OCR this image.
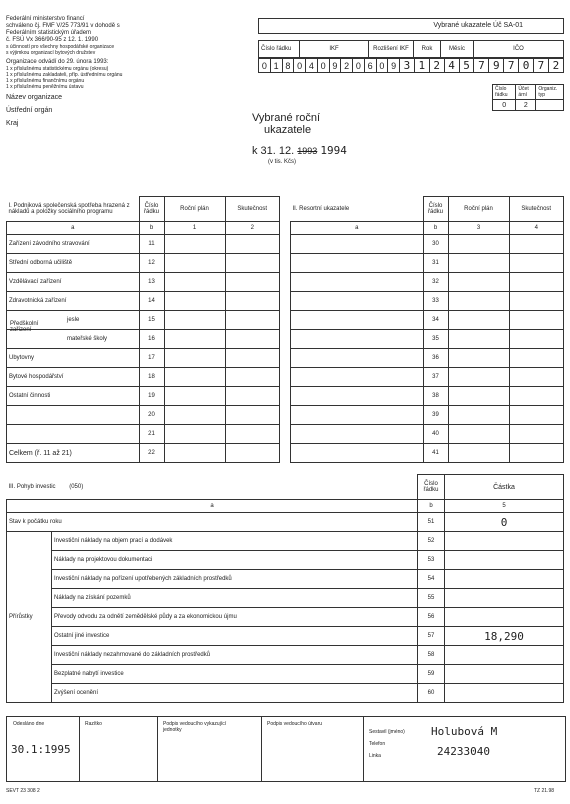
Federální ministerstvo financí
schváleno čj. FMF V/25 773/91 v dohodě s
Federálním statistickým úřadem
č. FSÚ Vx 366/90-95 z 12. 1. 1990
s účinností pro všechny hospodářské organizace
s výjimkou organizací bytových družstev
Organizace odvádí do 29. února 1993:
1 x příslušnému statistickému orgánu (okresu)
1 x příslušnému zakladateli, příp. ústřednímu orgánu
1 x příslušnému finančnímu orgánu
1 x příslušnému peněžnímu ústavu
Název organizace
Ústřední orgán
Kraj
Vybrané ukazatele Úč SA-01
Číslo řádku	IKF	Rozlišení IKF	Rok	Měsíc	IČO
0	1	8	0	4	0	9	2	0	6	0	9	3	1	2	4	5	7	9	7	0	7	2
Číslo řádku	Účet ární	Organiz. typ
0	2	
Vybrané roční
ukazatele
k 31. 12. 1993 1994
(v tis. Kčs)
I. Podniková společenská spotřeba hrazená z nákladů a položky sociálního programu	Číslo řádku	Roční plán	Skutečnost
a	b	1	2
Zařízení závodního stravování	11		
Střední odborná učiliště	12		
Vzdělávací zařízení	13		
Zdravotnická zařízení	14		

Předškolní zařízení
jesle	15		
mateřské školy	16		
Ubytovny	17		
Bytové hospodářství	18		
Ostatní činnosti	19		
	20		
	21		
Celkem (ř. 11 až 21)	22		
II. Resortní ukazatele	Číslo řádku	Roční plán	Skutečnost
a	b	3	4
	30		
	31		
	32		
	33		
	34		
	35		
	36		
	37		
	38		
	39		
	40		
	41		
III. Pohyb investic (050)		Číslo řádku	Částka
a		b	5
Stav k počátku roku		51	0
Přírůstky	Investiční náklady na objem prací a dodávek	52	
	Náklady na projektovou dokumentaci	53	
	Investiční náklady na pořízení upotřebených základních prostředků	54	
	Náklady na získání pozemků	55	
	Převody odvodu za odnětí zemědělské půdy a za ekonomickou újmu	56	
	Ostatní jiné investice	57	18,290
	Investiční náklady nezahrnované do základních prostředků	58	
	Bezplatné nabytí investice	59	
	Zvýšení ocenění	60	
Odesláno dne
30.1:1995
Razítko	Podpis vedoucího vykazující jednotky
Podpis vedoucího útvaru
Sestavil (jméno) Holubová M
Telefon
Linka	24233040
SEVT 23 308 2	TZ 21.98
